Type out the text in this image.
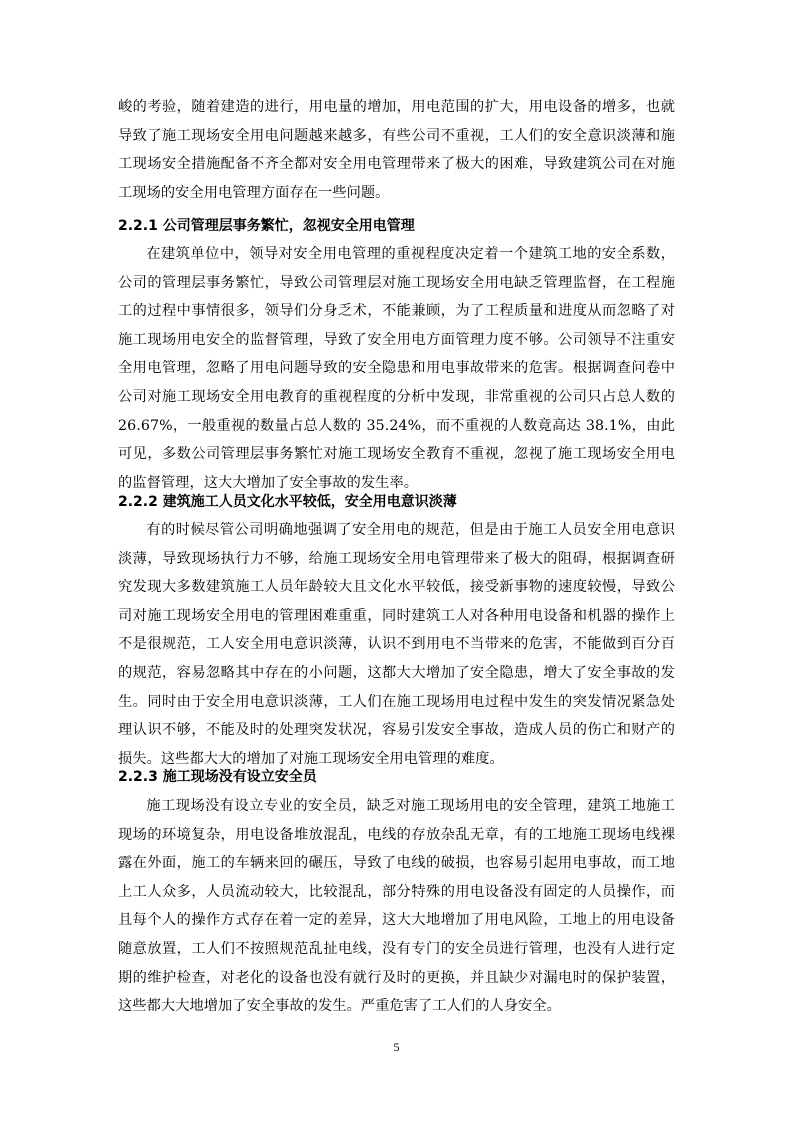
峻的考验，随着建造的进行，用电量的增加，用电范围的扩大，用电设备的增多，也就导致了施工现场安全用电问题越来越多，有些公司不重视，工人们的安全意识淡薄和施工现场安全措施配备不齐全都对安全用电管理带来了极大的困难，导致建筑公司在对施工现场的安全用电管理方面存在一些问题。

2.2.1 公司管理层事务繁忙，忽视安全用电管理

在建筑单位中，领导对安全用电管理的重视程度决定着一个建筑工地的安全系数，公司的管理层事务繁忙，导致公司管理层对施工现场安全用电缺乏管理监督，在工程施工的过程中事情很多，领导们分身乏术，不能兼顾，为了工程质量和进度从而忽略了对施工现场用电安全的监督管理，导致了安全用电方面管理力度不够。公司领导不注重安全用电管理，忽略了用电问题导致的安全隐患和用电事故带来的危害。根据调查问卷中公司对施工现场安全用电教育的重视程度的分析中发现，非常重视的公司只占总人数的 26.67%，一般重视的数量占总人数的 35.24%，而不重视的人数竟高达 38.1%，由此可见，多数公司管理层事务繁忙对施工现场安全教育不重视，忽视了施工现场安全用电的监督管理，这大大增加了安全事故的发生率。

2.2.2 建筑施工人员文化水平较低，安全用电意识淡薄

有的时候尽管公司明确地强调了安全用电的规范，但是由于施工人员安全用电意识淡薄，导致现场执行力不够，给施工现场安全用电管理带来了极大的阻碍，根据调查研究发现大多数建筑施工人员年龄较大且文化水平较低，接受新事物的速度较慢，导致公司对施工现场安全用电的管理困难重重，同时建筑工人对各种用电设备和机器的操作上不是很规范，工人安全用电意识淡薄，认识不到用电不当带来的危害，不能做到百分百的规范，容易忽略其中存在的小问题，这都大大增加了安全隐患，增大了安全事故的发生。同时由于安全用电意识淡薄，工人们在施工现场用电过程中发生的突发情况紧急处理认识不够，不能及时的处理突发状况，容易引发安全事故，造成人员的伤亡和财产的损失。这些都大大的增加了对施工现场安全用电管理的难度。

2.2.3 施工现场没有设立安全员

施工现场没有设立专业的安全员，缺乏对施工现场用电的安全管理，建筑工地施工现场的环境复杂，用电设备堆放混乱，电线的存放杂乱无章，有的工地施工现场电线裸露在外面，施工的车辆来回的碾压，导致了电线的破损，也容易引起用电事故，而工地上工人众多，人员流动较大，比较混乱，部分特殊的用电设备没有固定的人员操作，而且每个人的操作方式存在着一定的差异，这大大地增加了用电风险，工地上的用电设备随意放置，工人们不按照规范乱扯电线，没有专门的安全员进行管理，也没有人进行定期的维护检查，对老化的设备也没有就行及时的更换，并且缺少对漏电时的保护装置，这些都大大地增加了安全事故的发生。严重危害了工人们的人身安全。

5
